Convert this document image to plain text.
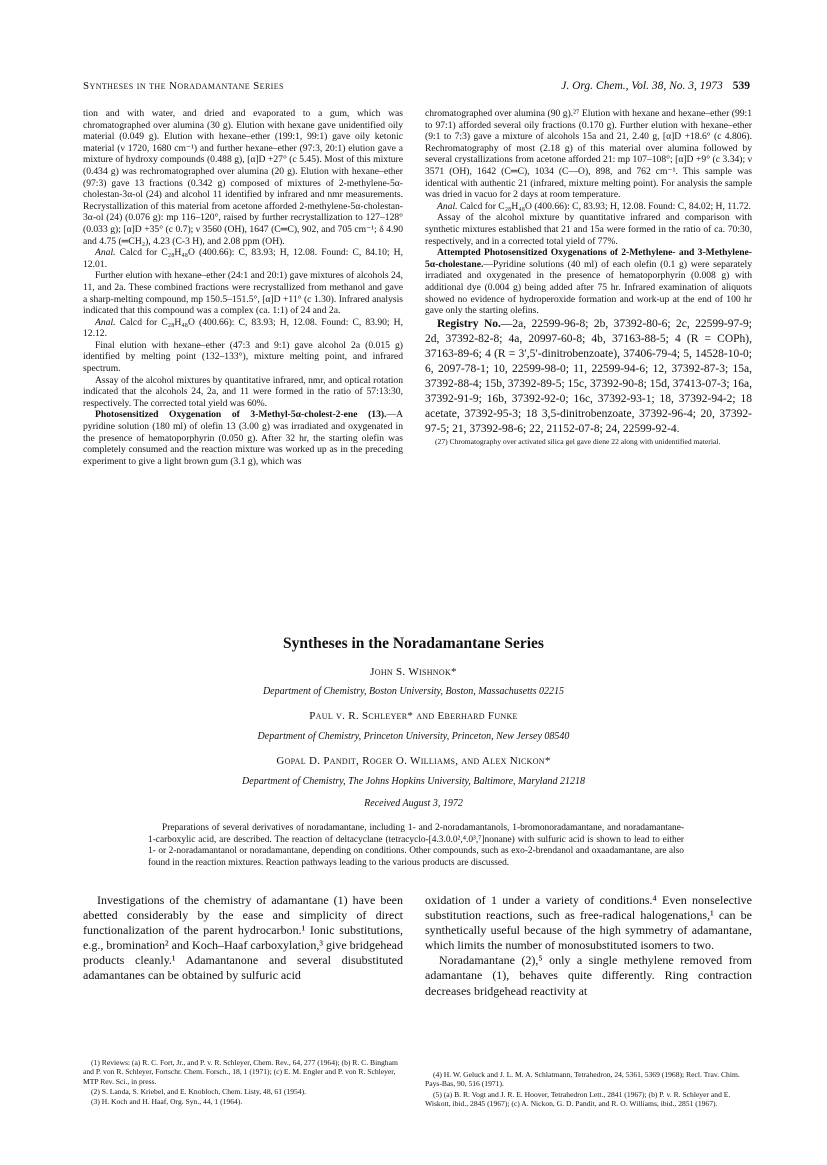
Syntheses in the Noradamantane Series	J. Org. Chem., Vol. 38, No. 3, 1973 539

tion and with water, and dried and evaporated to a gum, which was chromatographed over alumina (30 g). Elution with hexane gave unidentified oily material (0.049 g). Elution with hexane–ether (199:1, 99:1) gave oily ketonic material (ν 1720, 1680 cm⁻¹) and further hexane–ether (97:3, 20:1) elution gave a mixture of hydroxy compounds (0.488 g), [α]D +27° (c 5.45). Most of this mixture (0.434 g) was rechromatographed over alumina (20 g). Elution with hexane–ether (97:3) gave 13 fractions (0.342 g) composed of mixtures of 2-methylene-5α-cholestan-3α-ol (24) and alcohol 11 identified by infrared and nmr measurements. Recrystallization of this material from acetone afforded 2-methylene-5α-cholestan-3α-ol (24) (0.076 g): mp 116–120°, raised by further recrystallization to 127–128° (0.033 g); [α]D +35° (c 0.7); ν 3560 (OH), 1647 (C═C), 902, and 705 cm⁻¹; δ 4.90 and 4.75 (═CH₂), 4.23 (C-3 H), and 2.08 ppm (OH).

Anal. Calcd for C₂₈H₄₈O (400.66): C, 83.93; H, 12.08. Found: C, 84.10; H, 12.01.

Further elution with hexane–ether (24:1 and 20:1) gave mixtures of alcohols 24, 11, and 2a. These combined fractions were recrystallized from methanol and gave a sharp-melting compound, mp 150.5–151.5°, [α]D +11° (c 1.30). Infrared analysis indicated that this compound was a complex (ca. 1:1) of 24 and 2a.

Anal. Calcd for C₂₈H₄₈O (400.66): C, 83.93; H, 12.08. Found: C, 83.90; H, 12.12.

Final elution with hexane–ether (47:3 and 9:1) gave alcohol 2a (0.015 g) identified by melting point (132–133°), mixture melting point, and infrared spectrum.

Assay of the alcohol mixtures by quantitative infrared, nmr, and optical rotation indicated that the alcohols 24, 2a, and 11 were formed in the ratio of 57:13:30, respectively. The corrected total yield was 60%.

Photosensitized Oxygenation of 3-Methyl-5α-cholest-2-ene (13).—A pyridine solution (180 ml) of olefin 13 (3.00 g) was irradiated and oxygenated in the presence of hematoporphyrin (0.050 g). After 32 hr, the starting olefin was completely consumed and the reaction mixture was worked up as in the preceding experiment to give a light brown gum (3.1 g), which was

chromatographed over alumina (90 g).²⁷ Elution with hexane and hexane–ether (99:1 to 97:1) afforded several oily fractions (0.170 g). Further elution with hexane–ether (9:1 to 7:3) gave a mixture of alcohols 15a and 21, 2.40 g, [α]D +18.6° (c 4.806). Rechromatography of most (2.18 g) of this material over alumina followed by several crystallizations from acetone afforded 21: mp 107–108°; [α]D +9° (c 3.34); ν 3571 (OH), 1642 (C═C), 1034 (C—O), 898, and 762 cm⁻¹. This sample was identical with authentic 21 (infrared, mixture melting point). For analysis the sample was dried in vacuo for 2 days at room temperature.

Anal. Calcd for C₂₈H₄₈O (400.66): C, 83.93; H, 12.08. Found: C, 84.02; H, 11.72.

Assay of the alcohol mixture by quantitative infrared and comparison with synthetic mixtures established that 21 and 15a were formed in the ratio of ca. 70:30, respectively, and in a corrected total yield of 77%.

Attempted Photosensitized Oxygenations of 2-Methylene- and 3-Methylene-5α-cholestane.—Pyridine solutions (40 ml) of each olefin (0.1 g) were separately irradiated and oxygenated in the presence of hematoporphyrin (0.008 g) with additional dye (0.004 g) being added after 75 hr. Infrared examination of aliquots showed no evidence of hydroperoxide formation and work-up at the end of 100 hr gave only the starting olefins.

Registry No.—2a, 22599-96-8; 2b, 37392-80-6; 2c, 22599-97-9; 2d, 37392-82-8; 4a, 20997-60-8; 4b, 37163-88-5; 4 (R = COPh), 37163-89-6; 4 (R = 3′,5′-dinitrobenzoate), 37406-79-4; 5, 14528-10-0; 6, 2097-78-1; 10, 22599-98-0; 11, 22599-94-6; 12, 37392-87-3; 15a, 37392-88-4; 15b, 37392-89-5; 15c, 37392-90-8; 15d, 37413-07-3; 16a, 37392-91-9; 16b, 37392-92-0; 16c, 37392-93-1; 18, 37392-94-2; 18 acetate, 37392-95-3; 18 3,5-dinitrobenzoate, 37392-96-4; 20, 37392-97-5; 21, 37392-98-6; 22, 21152-07-8; 24, 22599-92-4.

(27) Chromatography over activated silica gel gave diene 22 along with unidentified material.

Syntheses in the Noradamantane Series
John S. Wishnok*
Department of Chemistry, Boston University, Boston, Massachusetts 02215
Paul v. R. Schleyer* and Eberhard Funke
Department of Chemistry, Princeton University, Princeton, New Jersey 08540
Gopal D. Pandit, Roger O. Williams, and Alex Nickon*
Department of Chemistry, The Johns Hopkins University, Baltimore, Maryland 21218
Received August 3, 1972

Preparations of several derivatives of noradamantane, including 1- and 2-noradamantanols, 1-bromonoradamantane, and noradamantane-1-carboxylic acid, are described. The reaction of deltacyclane (tetracyclo-[4.3.0.0²,⁴.0³,⁷]nonane) with sulfuric acid is shown to lead to either 1- or 2-noradamantanol or noradamantane, depending on conditions. Other compounds, such as exo-2-brendanol and oxaadamantane, are also found in the reaction mixtures. Reaction pathways leading to the various products are discussed.

Investigations of the chemistry of adamantane (1) have been abetted considerably by the ease and simplicity of direct functionalization of the parent hydrocarbon.¹ Ionic substitutions, e.g., bromination² and Koch–Haaf carboxylation,³ give bridgehead products cleanly.¹ Adamantanone and several disubstituted adamantanes can be obtained by sulfuric acid

oxidation of 1 under a variety of conditions.⁴ Even nonselective substitution reactions, such as free-radical halogenations,¹ can be synthetically useful because of the high symmetry of adamantane, which limits the number of monosubstituted isomers to two.

Noradamantane (2),⁵ only a single methylene removed from adamantane (1), behaves quite differently. Ring contraction decreases bridgehead reactivity at

(1) Reviews: (a) R. C. Fort, Jr., and P. v. R. Schleyer, Chem. Rev., 64, 277 (1964); (b) R. C. Bingham and P. von R. Schleyer, Fortschr. Chem. Forsch., 18, 1 (1971); (c) E. M. Engler and P. von R. Schleyer, MTP Rev. Sci., in press.

(2) S. Landa, S. Kriebel, and E. Knobloch, Chem. Listy, 48, 61 (1954).

(3) H. Koch and H. Haaf, Org. Syn., 44, 1 (1964).

(4) H. W. Geluck and J. L. M. A. Schlatmann, Tetrahedron, 24, 5361, 5369 (1968); Recl. Trav. Chim. Pays-Bas, 90, 516 (1971).

(5) (a) B. R. Vogt and J. R. E. Hoover, Tetrahedron Lett., 2841 (1967); (b) P. v. R. Schleyer and E. Wiskott, ibid., 2845 (1967); (c) A. Nickon, G. D. Pandit, and R. O. Williams, ibid., 2851 (1967).
